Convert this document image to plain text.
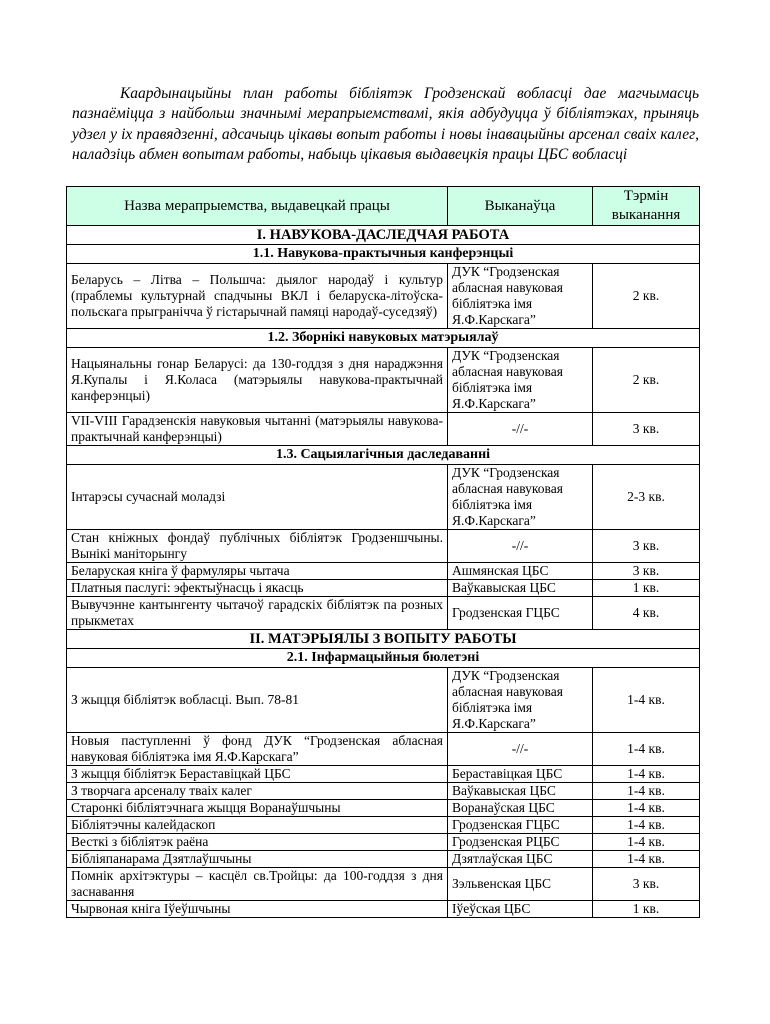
Каардынацыйны план работы бібліятэк Гродзенскай вобласці дае магчымасць пазнаёміцца з найбольш значнымі мерапрыемствамі, якія адбудуцца ў бібліятэках, прыняць удзел у іх правядзенні, адсачыць цікавы вопыт работы і новы інавацыйны арсенал сваіх калег, наладзіць абмен вопытам работы, набыць цікавыя выдавецкія працы ЦБС вобласці

Назва мерапрыемства, выдавецкай працы	Выканаўца	Тэрмін выканання
I. НАВУКОВА-ДАСЛЕДЧАЯ РАБОТА		
1.1. Навукова-практычныя канферэнцыі		
Беларусь – Літва – Польшча: дыялог народаў і культур (праблемы культурнай спадчыны ВКЛ і беларуска-літоўска-польскага прыгранічча ў гістарычнай памяці народаў-суседзяў)	ДУК “Гродзенская абласная навуковая бібліятэка імя Я.Ф.Карскага”	2 кв.
1.2. Зборнікі навуковых матэрыялаў		
Нацыянальны гонар Беларусі: да 130-годдзя з дня нараджэння Я.Купалы і Я.Коласа (матэрыялы навукова-практычнай канферэнцыі)	ДУК “Гродзенская абласная навуковая бібліятэка імя Я.Ф.Карскага”	2 кв.
VII-VIII Гарадзенскія навуковыя чытанні (матэрыялы навукова-практычнай канферэнцыі)	-//-	3 кв.
1.3. Сацыялагічныя даследаванні		
Інтарэсы сучаснай моладзі	ДУК “Гродзенская абласная навуковая бібліятэка імя Я.Ф.Карскага”	2-3 кв.
Стан кніжных фондаў публічных бібліятэк Гродзеншчыны. Вынікі маніторынгу	-//-	3 кв.
Беларуская кніга ў фармуляры чытача	Ашмянская ЦБС	3 кв.
Платныя паслугі: эфектыўнасць і якасць	Ваўкавыская ЦБС	1 кв.
Вывучэнне кантынгенту чытачоў гарадскіх бібліятэк па розных прыкметах	Гродзенская ГЦБС	4 кв.
II. МАТЭРЫЯЛЫ З ВОПЫТУ РАБОТЫ		
2.1. Інфармацыйныя бюлетэні		
З жыцця бібліятэк вобласці. Вып. 78-81	ДУК “Гродзенская абласная навуковая бібліятэка імя Я.Ф.Карскага”	1-4 кв.
Новыя паступленні ў фонд ДУК “Гродзенская абласная навуковая бібліятэка імя Я.Ф.Карскага”	-//-	1-4 кв.
З жыцця бібліятэк Бераставіцкай ЦБС	Бераставіцкая ЦБС	1-4 кв.
З творчага арсеналу тваіх калег	Ваўкавыская ЦБС	1-4 кв.
Старонкі бібліятэчнага жыцця Воранаўшчыны	Воранаўская ЦБС	1-4 кв.
Бібліятэчны калейдаскоп	Гродзенская ГЦБС	1-4 кв.
Весткі з бібліятэк раёна	Гродзенская РЦБС	1-4 кв.
Бібліяпанарама Дзятлаўшчыны	Дзятлаўская ЦБС	1-4 кв.
Помнік архітэктуры – касцёл св.Тройцы: да 100-годдзя з дня заснавання	Зэльвенская ЦБС	3 кв.
Чырвоная кніга Іўеўшчыны	Іўеўская ЦБС	1 кв.
